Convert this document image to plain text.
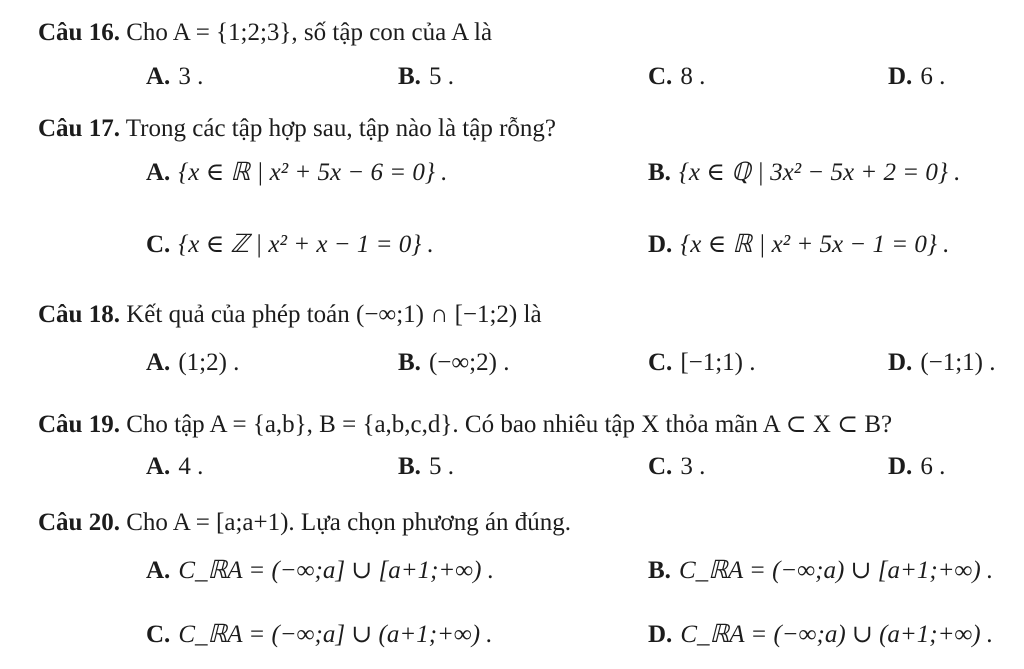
Câu 16. Cho A = {1;2;3}, số tập con của A là
A. 3 .	B. 5 .	C. 8 .	D. 6 .
Câu 17. Trong các tập hợp sau, tập nào là tập rỗng?
A. {x ∈ ℝ | x² + 5x − 6 = 0} .	B. {x ∈ ℚ | 3x² − 5x + 2 = 0} .
C. {x ∈ ℤ | x² + x − 1 = 0} .	D. {x ∈ ℝ | x² + 5x − 1 = 0} .
Câu 18. Kết quả của phép toán (−∞;1) ∩ [−1;2) là
A. (1;2) .	B. (−∞;2) .	C. [−1;1) .	D. (−1;1) .
Câu 19. Cho tập A = {a,b}, B = {a,b,c,d}. Có bao nhiêu tập X thỏa mãn A ⊂ X ⊂ B?
A. 4 .	B. 5 .	C. 3 .	D. 6 .
Câu 20. Cho A = [a;a+1). Lựa chọn phương án đúng.
A. C_ℝA = (−∞;a] ∪ [a+1;+∞) .	B. C_ℝA = (−∞;a) ∪ [a+1;+∞) .
C. C_ℝA = (−∞;a] ∪ (a+1;+∞) .	D. C_ℝA = (−∞;a) ∪ (a+1;+∞) .
